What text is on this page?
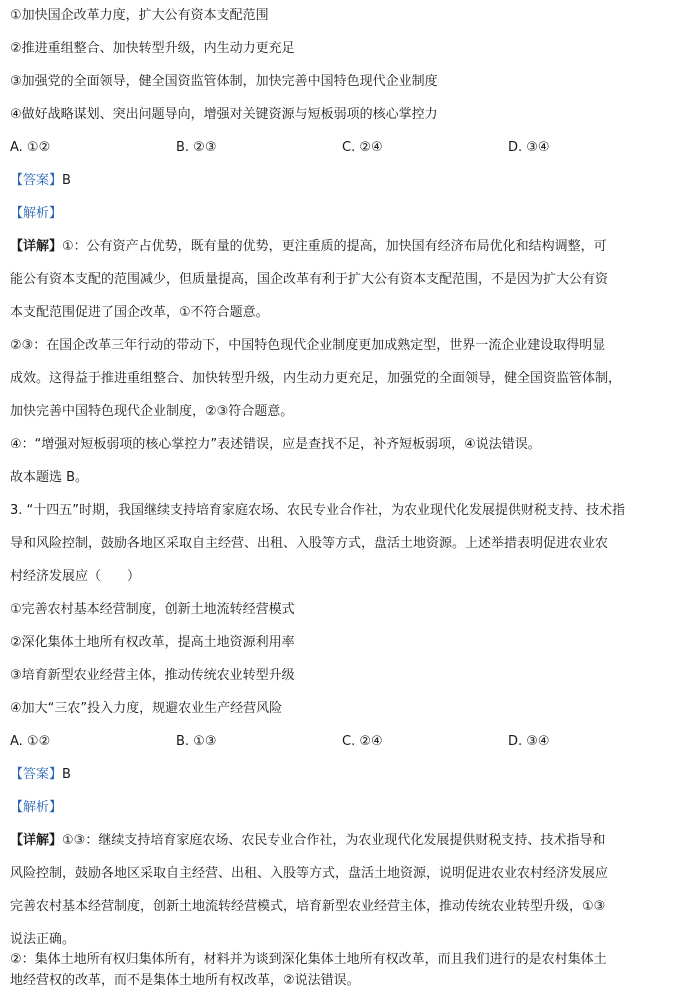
①加快国企改革力度，扩大公有资本支配范围
②推进重组整合、加快转型升级，内生动力更充足
③加强党的全面领导，健全国资监管体制，加快完善中国特色现代企业制度
④做好战略谋划、突出问题导向，增强对关键资源与短板弱项的核心掌控力
A. ①②	B. ②③	C. ②④	D. ③④
【答案】B
【解析】
【详解】①：公有资产占优势，既有量的优势，更注重质的提高，加快国有经济布局优化和结构调整，可
能公有资本支配的范围减少，但质量提高，国企改革有利于扩大公有资本支配范围，不是因为扩大公有资
本支配范围促进了国企改革，①不符合题意。
②③：在国企改革三年行动的带动下，中国特色现代企业制度更加成熟定型，世界一流企业建设取得明显
成效。这得益于推进重组整合、加快转型升级，内生动力更充足，加强党的全面领导，健全国资监管体制，
加快完善中国特色现代企业制度，②③符合题意。
④：“增强对短板弱项的核心掌控力”表述错误，应是查找不足，补齐短板弱项，④说法错误。
故本题选 B。
3. “十四五”时期，我国继续支持培育家庭农场、农民专业合作社，为农业现代化发展提供财税支持、技术指
导和风险控制，鼓励各地区采取自主经营、出租、入股等方式，盘活土地资源。上述举措表明促进农业农
村经济发展应（　　）
①完善农村基本经营制度，创新土地流转经营模式
②深化集体土地所有权改革，提高土地资源利用率
③培育新型农业经营主体，推动传统农业转型升级
④加大“三农”投入力度，规避农业生产经营风险
A. ①②	B. ①③	C. ②④	D. ③④
【答案】B
【解析】
【详解】①③：继续支持培育家庭农场、农民专业合作社，为农业现代化发展提供财税支持、技术指导和
风险控制，鼓励各地区采取自主经营、出租、入股等方式，盘活土地资源，说明促进农业农村经济发展应
完善农村基本经营制度，创新土地流转经营模式，培育新型农业经营主体，推动传统农业转型升级，①③
说法正确。
②：集体土地所有权归集体所有，材料并为谈到深化集体土地所有权改革，而且我们进行的是农村集体土
地经营权的改革，而不是集体土地所有权改革，②说法错误。
